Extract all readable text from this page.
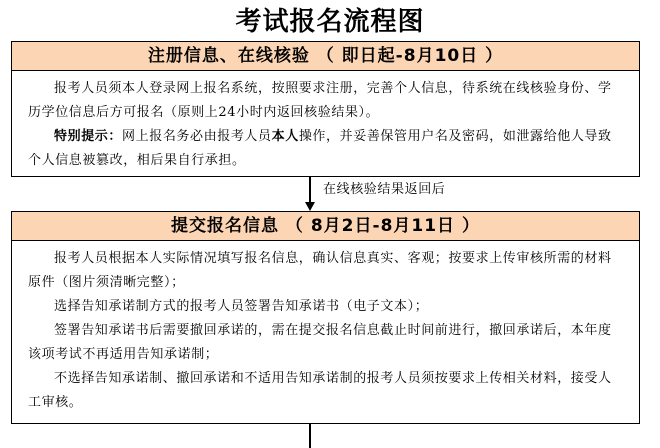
考试报名流程图
注册信息、在线核验 （ 即日起-8月10日 ）

报考人员须本人登录网上报名系统，按照要求注册，完善个人信息，待系统在线核验身份、学历学位信息后方可报名（原则上24小时内返回核验结果）。

特别提示：网上报名务必由报考人员本人操作，并妥善保管用户名及密码，如泄露给他人导致个人信息被篡改，相后果自行承担。

在线核验结果返回后
提交报名信息 （ 8月2日-8月11日 ）

报考人员根据本人实际情况填写报名信息，确认信息真实、客观；按要求上传审核所需的材料原件（图片须清晰完整）；

选择告知承诺制方式的报考人员签署告知承诺书（电子文本）；

签署告知承诺书后需要撤回承诺的，需在提交报名信息截止时间前进行，撤回承诺后，本年度该项考试不再适用告知承诺制；

不选择告知承诺制、撤回承诺和不适用告知承诺制的报考人员须按要求上传相关材料，接受人工审核。
